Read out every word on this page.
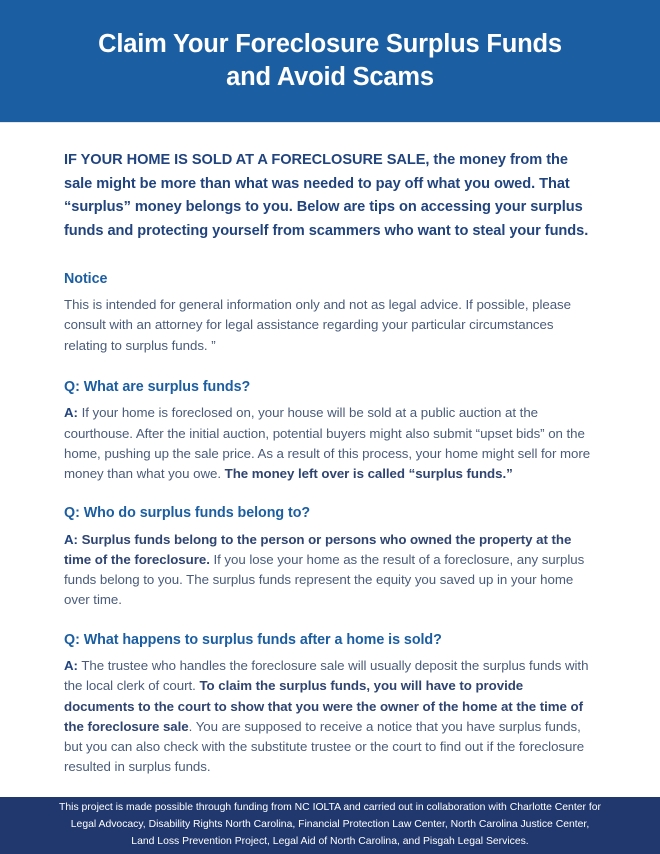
Claim Your Foreclosure Surplus Funds
and Avoid Scams

IF YOUR HOME IS SOLD AT A FORECLOSURE SALE, the money from the sale might be more than what was needed to pay off what you owed. That “surplus” money belongs to you. Below are tips on accessing your surplus funds and protecting yourself from scammers who want to steal your funds.

Notice

This is intended for general information only and not as legal advice. If possible, please consult with an attorney for legal assistance regarding your particular circumstances relating to surplus funds. ”

Q: What are surplus funds?

A: If your home is foreclosed on, your house will be sold at a public auction at the courthouse. After the initial auction, potential buyers might also submit “upset bids” on the home, pushing up the sale price. As a result of this process, your home might sell for more money than what you owe. The money left over is called “surplus funds.”

Q: Who do surplus funds belong to?

A: Surplus funds belong to the person or persons who owned the property at the time of the foreclosure. If you lose your home as the result of a foreclosure, any surplus funds belong to you. The surplus funds represent the equity you saved up in your home over time.

Q: What happens to surplus funds after a home is sold?

A: The trustee who handles the foreclosure sale will usually deposit the surplus funds with the local clerk of court. To claim the surplus funds, you will have to provide documents to the court to show that you were the owner of the home at the time of the foreclosure sale. You are supposed to receive a notice that you have surplus funds, but you can also check with the substitute trustee or the court to find out if the foreclosure resulted in surplus funds.

This project is made possible through funding from NC IOLTA and carried out in collaboration with Charlotte Center for Legal Advocacy, Disability Rights North Carolina, Financial Protection Law Center, North Carolina Justice Center, Land Loss Prevention Project, Legal Aid of North Carolina, and Pisgah Legal Services.
